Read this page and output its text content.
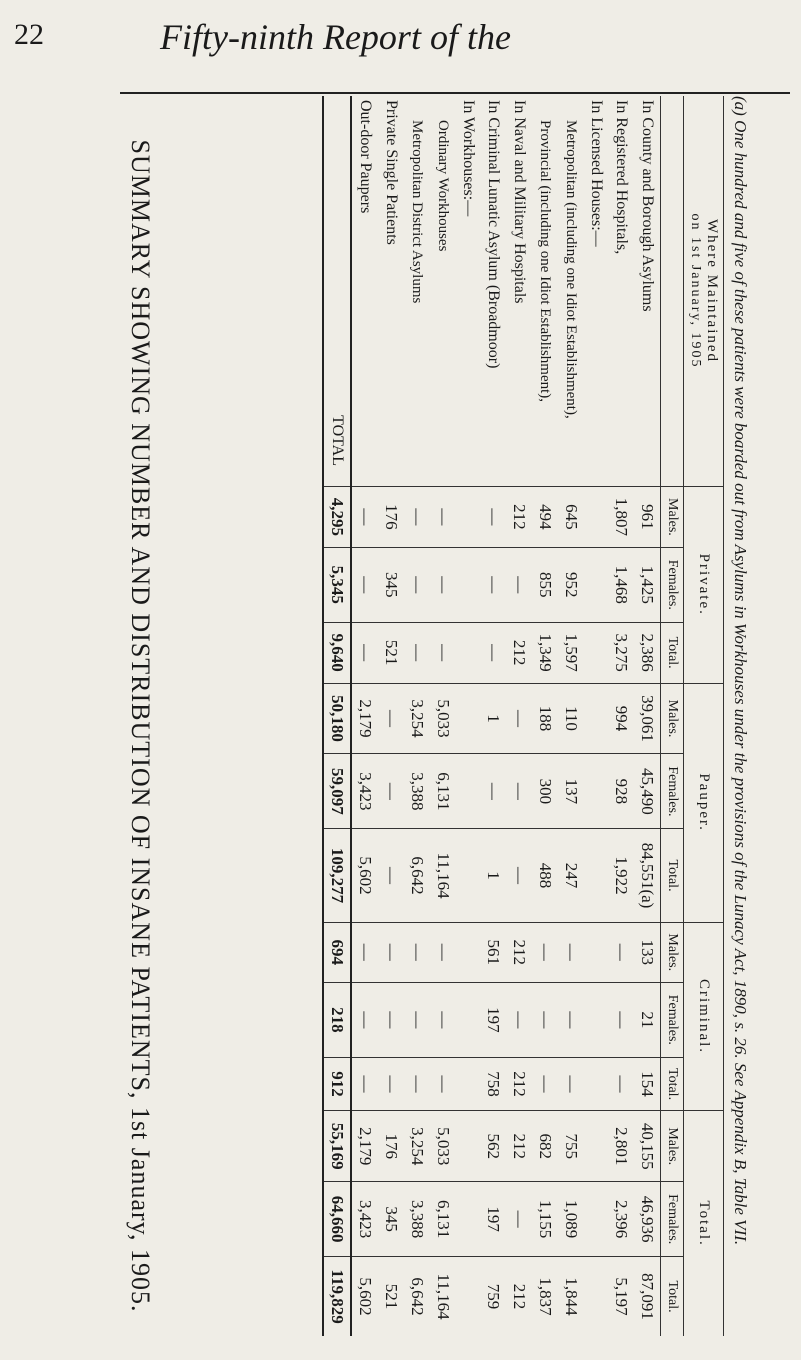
22	Fifty-ninth Report of the
(a) One hundred and five of these patients were boarded out from Asylums in Workhouses under the provisions of the Lunacy Act, 1890, s. 26. See Appendix B, Table VII.
Where Maintained
on 1st January, 1905	Private.			Pauper.			Criminal.			Total.		
	Males.	Females.	Total.	Males.	Females.	Total.	Males.	Females.	Total.	Males.	Females.	Total.
In County and Borough Asylums	961	1,425	2,386	39,061	45,490	84,551(a)	133	21	154	40,155	46,936	87,091
In Registered Hospitals,	1,807	1,468	3,275	994	928	1,922	—	—	—	2,801	2,396	5,197
In Licensed Houses:—												
Metropolitan (including one Idiot Establishment),	645	952	1,597	110	137	247	—	—	—	755	1,089	1,844
Provincial (including one Idiot Establishment),	494	855	1,349	188	300	488	—	—	—	682	1,155	1,837
In Naval and Military Hospitals	212	—	212	—	—	—	212	—	212	212	—	212
In Criminal Lunatic Asylum (Broadmoor)	—	—	—	1	—	1	561	197	758	562	197	759
In Workhouses:—												
Ordinary Workhouses	—	—	—	5,033	6,131	11,164	—	—	—	5,033	6,131	11,164
Metropolitan District Asylums	—	—	—	3,254	3,388	6,642	—	—	—	3,254	3,388	6,642
Private Single Patients	176	345	521	—	—	—	—	—	—	176	345	521
Out-door Paupers	—	—	—	2,179	3,423	5,602	—	—	—	2,179	3,423	5,602
TOTAL	4,295	5,345	9,640	50,180	59,097	109,277	694	218	912	55,169	64,660	119,829
SUMMARY SHOWING NUMBER AND DISTRIBUTION OF INSANE PATIENTS, 1st January, 1905.
